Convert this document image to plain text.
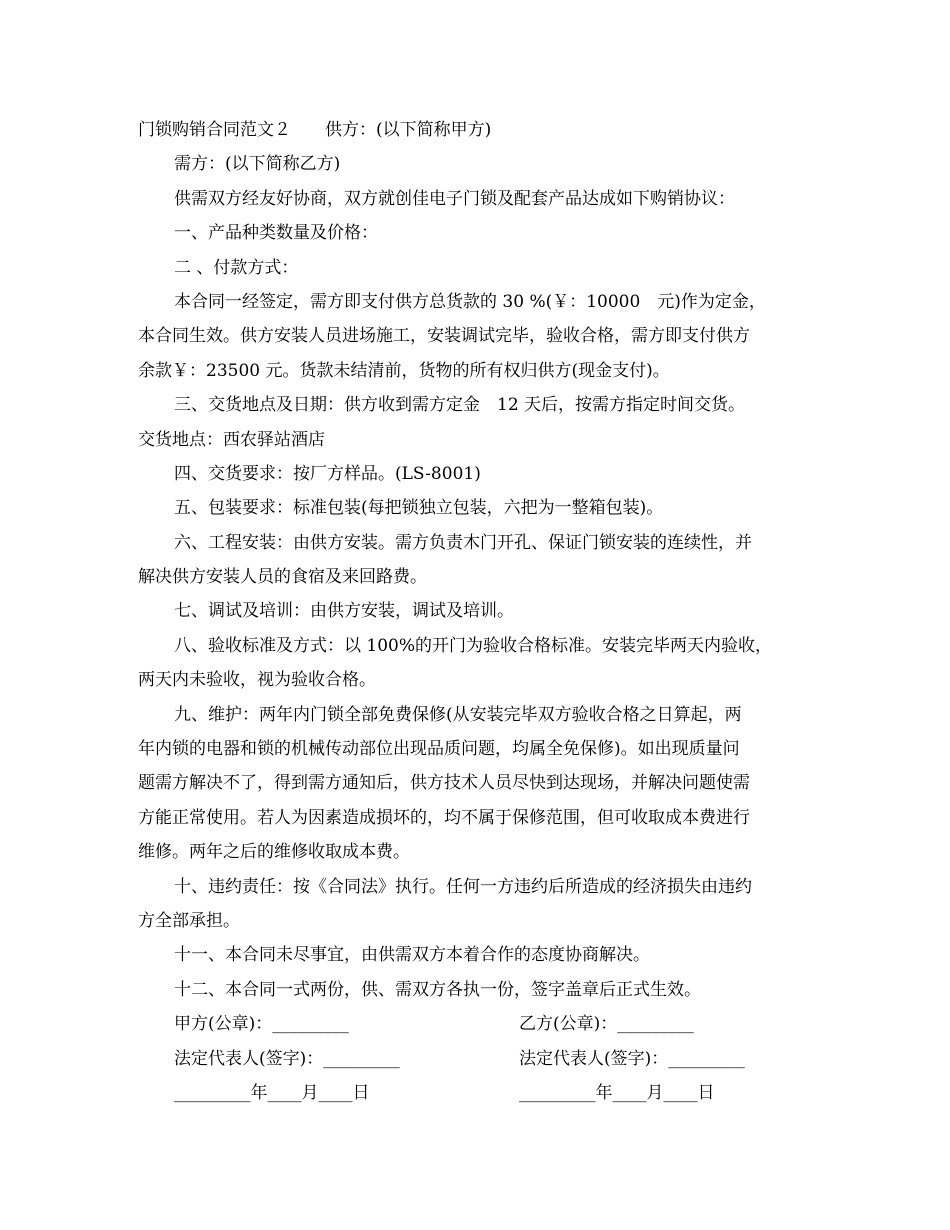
门锁购销合同范文２　　供方：(以下简称甲方)
需方：(以下简称乙方)
供需双方经友好协商，双方就创佳电子门锁及配套产品达成如下购销协议：
一、产品种类数量及价格：
二 、付款方式：
本合同一经签定，需方即支付供方总货款的 30 %(￥：10000　元)作为定金，
本合同生效。供方安装人员进场施工，安装调试完毕，验收合格，需方即支付供方
余款￥：23500 元。货款未结清前，货物的所有权归供方(现金支付)。
三、交货地点及日期：供方收到需方定金　12 天后，按需方指定时间交货。
交货地点：西农驿站酒店
四、交货要求：按厂方样品。(LS-8001)
五、包装要求：标准包装(每把锁独立包装，六把为一整箱包装)。
六、工程安装：由供方安装。需方负责木门开孔、保证门锁安装的连续性，并
解决供方安装人员的食宿及来回路费。
七、调试及培训：由供方安装，调试及培训。
八、验收标准及方式：以 100%的开门为验收合格标准。安装完毕两天内验收，
两天内未验收，视为验收合格。
九、维护：两年内门锁全部免费保修(从安装完毕双方验收合格之日算起，两
年内锁的电器和锁的机械传动部位出现品质问题，均属全免保修)。如出现质量问
题需方解决不了，得到需方通知后，供方技术人员尽快到达现场，并解决问题使需
方能正常使用。若人为因素造成损坏的，均不属于保修范围，但可收取成本费进行
维修。两年之后的维修收取成本费。
十、违约责任：按《合同法》执行。任何一方违约后所造成的经济损失由违约
方全部承担。
十一、本合同未尽事宜，由供需双方本着合作的态度协商解决。
十二、本合同一式两份，供、需双方各执一份，签字盖章后正式生效。
甲方(公章)：_________	乙方(公章)：_________
法定代表人(签字)：_________	法定代表人(签字)：_________
_________年____月____日	_________年____月____日
